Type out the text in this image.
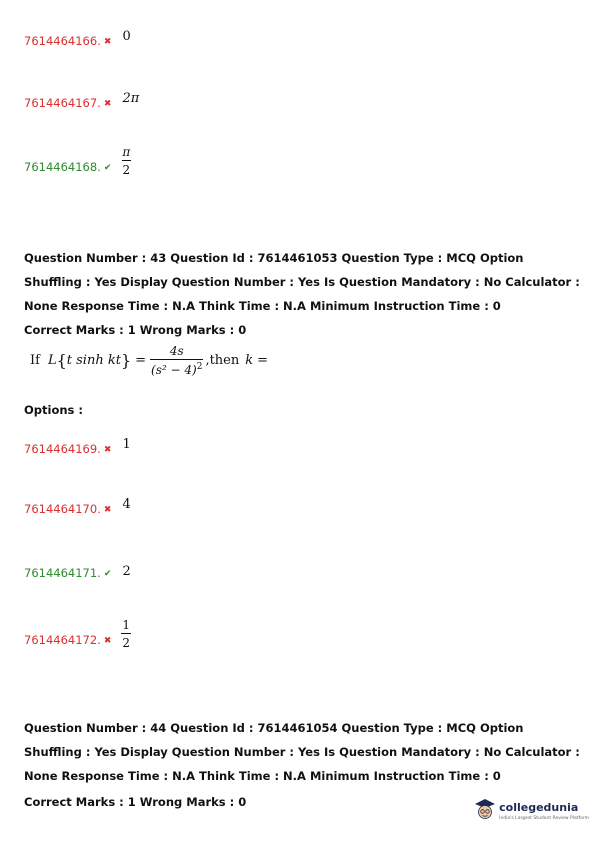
7614464166. ✖ $^0$
7614464167. ✖ $^{2\pi}$
7614464168. ✔ $\frac{\pi}{2}$
Question Number : 43 Question Id : 7614461053 Question Type : MCQ Option Shuffling : Yes Display Question Number : Yes Is Question Mandatory : No Calculator : None Response Time : N.A Think Time : N.A Minimum Instruction Time : 0
Correct Marks : 1 Wrong Marks : 0
If L { t sinh kt } = $\frac{4s}{(s^2 - 4)^2}$ ,then k =
Options :
7614464169. ✖ $^1$
7614464170. ✖ $^4$
7614464171. ✔ 2
7614464172. ✖ $\frac{1}{2}$
Question Number : 44 Question Id : 7614461054 Question Type : MCQ Option Shuffling : Yes Display Question Number : Yes Is Question Mandatory : No Calculator : None Response Time : N.A Think Time : N.A Minimum Instruction Time : 0
Correct Marks : 1 Wrong Marks : 0	collegedunia
India's Largest Student Review Platform
